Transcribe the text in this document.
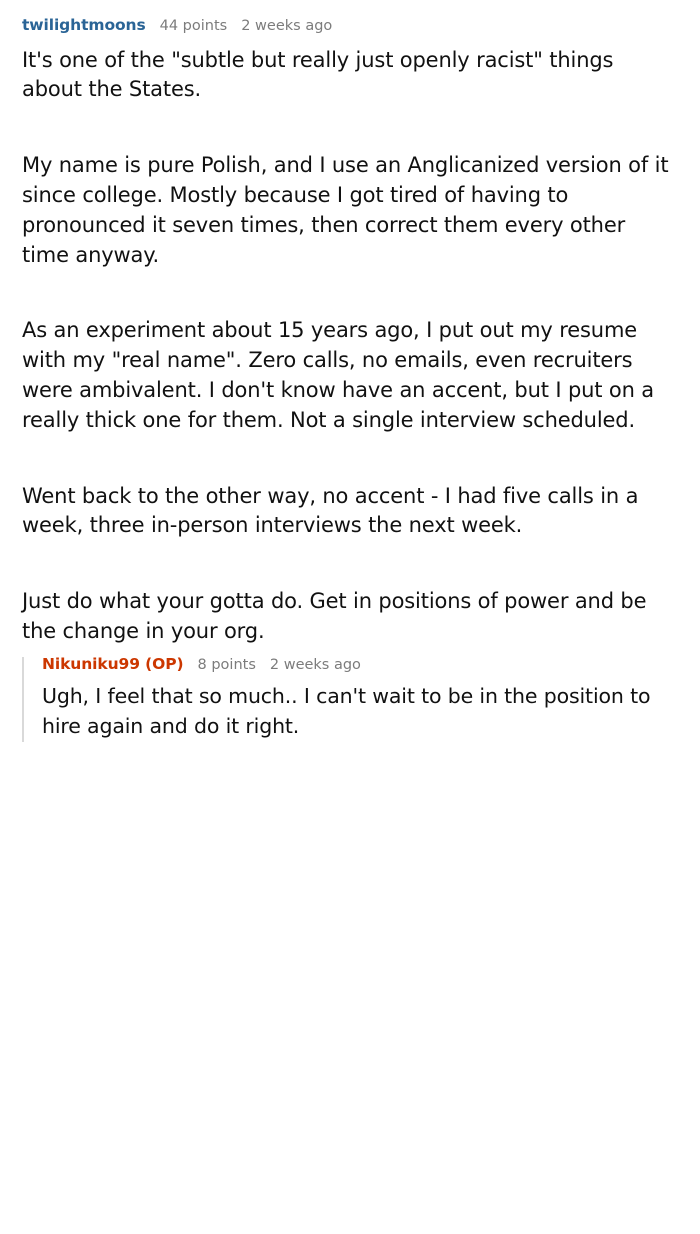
twilightmoons 44 points 2 weeks ago

It's one of the "subtle but really just openly racist" things about the States.

My name is pure Polish, and I use an Anglicanized version of it since college. Mostly because I got tired of having to pronounced it seven times, then correct them every other time anyway.

As an experiment about 15 years ago, I put out my resume with my "real name". Zero calls, no emails, even recruiters were ambivalent. I don't know have an accent, but I put on a really thick one for them. Not a single interview scheduled.

Went back to the other way, no accent - I had five calls in a week, three in-person interviews the next week.

Just do what your gotta do. Get in positions of power and be the change in your org.

Nikuniku99 (OP) 8 points 2 weeks ago

Ugh, I feel that so much.. I can't wait to be in the position to hire again and do it right.
